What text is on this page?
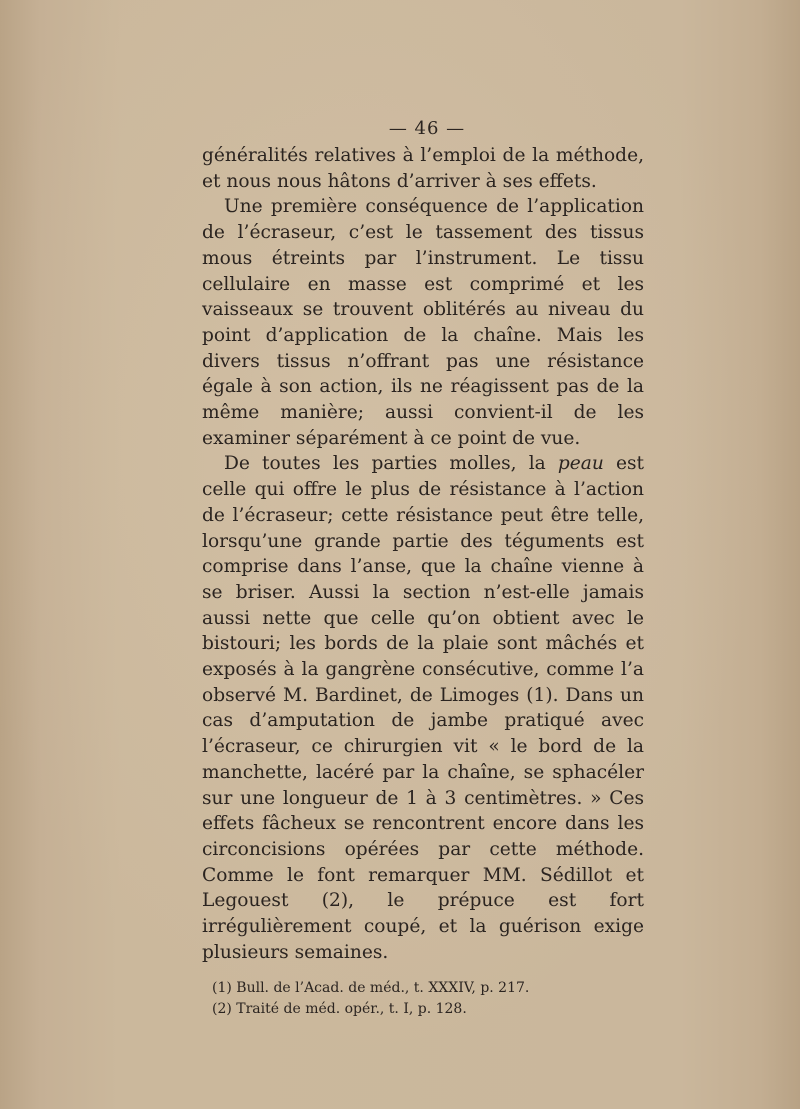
— 46 —

généralités relatives à l’emploi de la méthode, et nous nous hâtons d’arriver à ses effets.

Une première conséquence de l’application de l’écraseur, c’est le tassement des tissus mous étreints par l’instrument. Le tissu cellulaire en masse est comprimé et les vaisseaux se trouvent oblitérés au niveau du point d’application de la chaîne. Mais les divers tissus n’offrant pas une résistance égale à son action, ils ne réagissent pas de la même manière; aussi convient-il de les examiner séparément à ce point de vue.

De toutes les parties molles, la peau est celle qui offre le plus de résistance à l’action de l’écraseur; cette résistance peut être telle, lorsqu’une grande partie des téguments est comprise dans l’anse, que la chaîne vienne à se briser. Aussi la section n’est-elle jamais aussi nette que celle qu’on obtient avec le bistouri; les bords de la plaie sont mâchés et exposés à la gangrène consécutive, comme l’a observé M. Bardinet, de Limoges (1). Dans un cas d’amputation de jambe pratiqué avec l’écraseur, ce chirurgien vit « le bord de la manchette, lacéré par la chaîne, se sphacéler sur une longueur de 1 à 3 centimètres. » Ces effets fâcheux se rencontrent encore dans les circoncisions opérées par cette méthode. Comme le font remarquer MM. Sédillot et Legouest (2), le prépuce est fort irrégulièrement coupé, et la guérison exige plusieurs semaines.

(1) Bull. de l’Acad. de méd., t. XXXIV, p. 217.
(2) Traité de méd. opér., t. I, p. 128.
